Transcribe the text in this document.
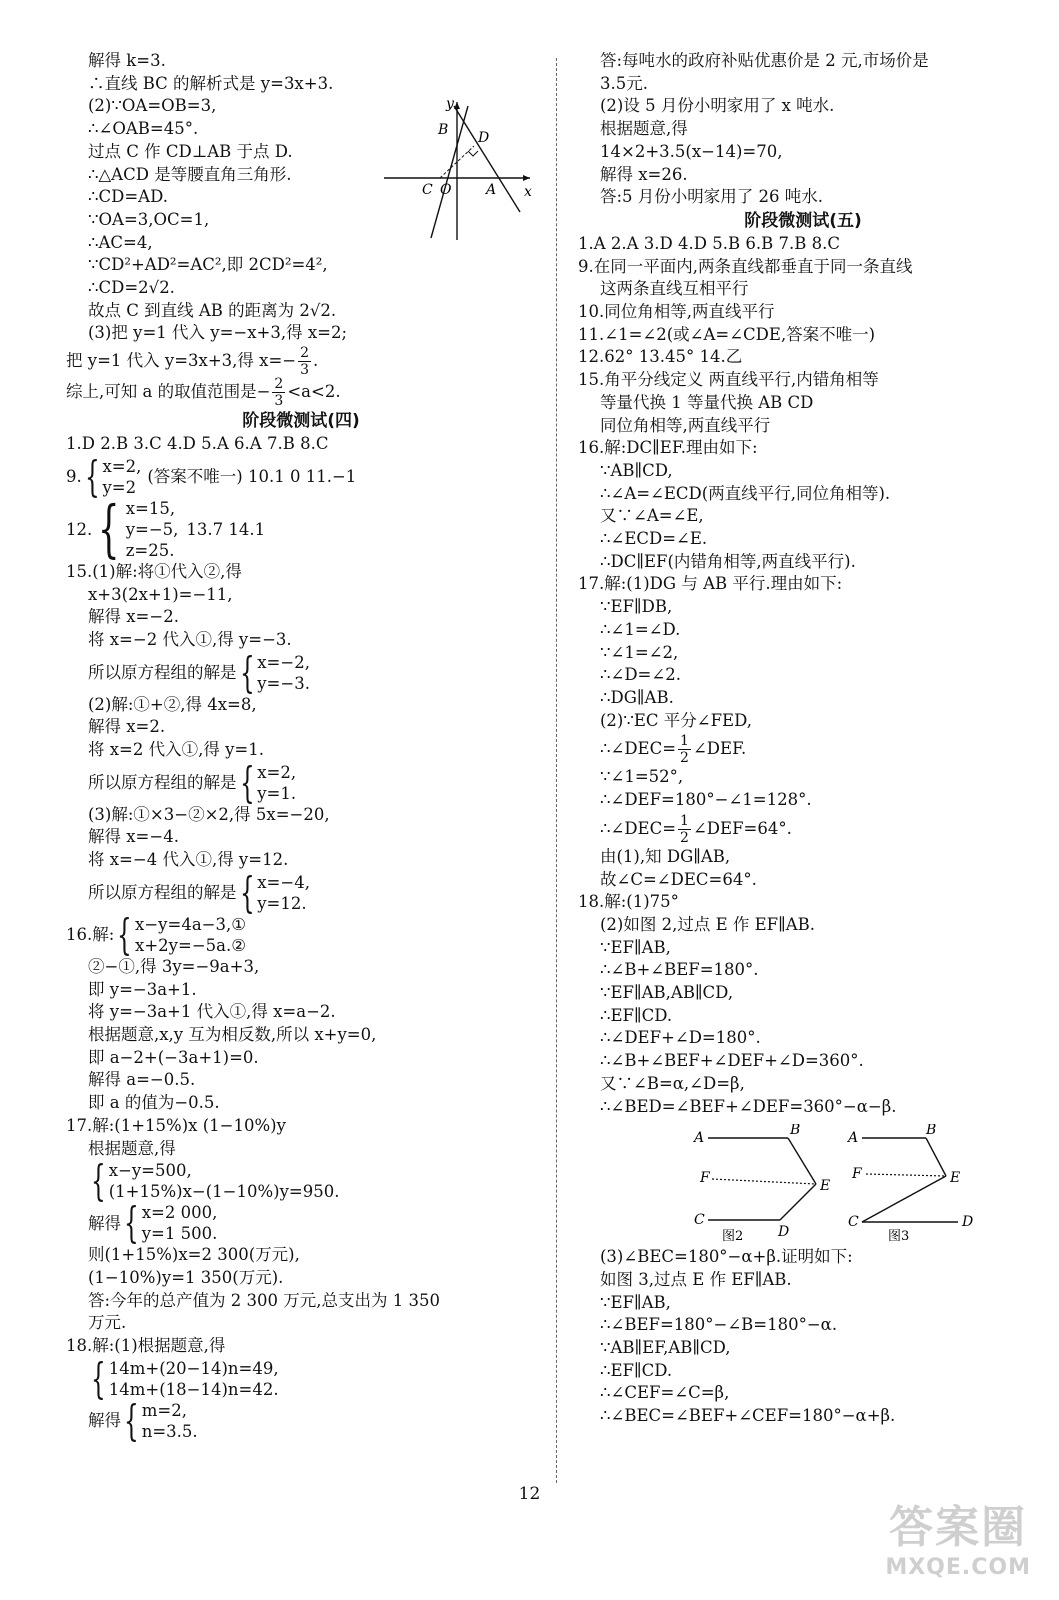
解得 k=3.
∴直线 BC 的解析式是 y=3x+3.
(2)∵OA=OB=3,
∴∠OAB=45°.
过点 C 作 CD⊥AB 于点 D.
∴△ACD 是等腰直角三角形.
∴CD=AD.
∵OA=3,OC=1,
∴AC=4,
∵CD²+AD²=AC²,即 2CD²=4²,
∴CD=2√2.
故点 C 到直线 AB 的距离为 2√2.
(3)把 y=1 代入 y=−x+3,得 x=2;
把 y=1 代入 y=3x+3,得 $x=- \frac{2}{3}$ .
综上,可知 a 的取值范围是− $\frac{2}{3} <a<2$.
阶段微测试(四)
1.D 2.B 3.C 4.D 5.A 6.A 7.B 8.C
9. { x=2,
y=2
(答案不唯一) 10.1 0 11.−1
12. { x=15,
y=−5,
z=25.
13.7 14.1
15.(1)解:将①代入②,得
x+3(2x+1)=−11,
解得 x=−2.
将 x=−2 代入①,得 y=−3.
所以原方程组的解是 { x=−2,
y=−3.
(2)解:①+②,得 4x=8,
解得 x=2.
将 x=2 代入①,得 y=1.
所以原方程组的解是 { x=2,
y=1.
(3)解:①×3−②×2,得 5x=−20,
解得 x=−4.
将 x=−4 代入①,得 y=12.
所以原方程组的解是 { x=−4,
y=12.
16.解: { x−y=4a−3,①
x+2y=−5a.②
②−①,得 3y=−9a+3,
即 y=−3a+1.
将 y=−3a+1 代入①,得 x=a−2.
根据题意,x,y 互为相反数,所以 x+y=0,
即 a−2+(−3a+1)=0.
解得 a=−0.5.
即 a 的值为−0.5.
17.解:(1+15%)x (1−10%)y
根据题意,得
{ x−y=500,
(1+15%)x−(1−10%)y=950.
解得 { x=2 000,
y=1 500.
则(1+15%)x=2 300(万元),
(1−10%)y=1 350(万元).
答:今年的总产值为 2 300 万元,总支出为 1 350
万元.
18.解:(1)根据题意,得
{ 14m+(20−14)n=49,
14m+(18−14)n=42.
解得 { m=2,
n=3.5.
y
x
B D
C O A
答:每吨水的政府补贴优惠价是 2 元,市场价是
3.5元.
(2)设 5 月份小明家用了 x 吨水.
根据题意,得
14×2+3.5(x−14)=70,
解得 x=26.
答:5 月份小明家用了 26 吨水.
阶段微测试(五)
1.A 2.A 3.D 4.D 5.B 6.B 7.B 8.C
9.在同一平面内,两条直线都垂直于同一条直线
这两条直线互相平行
10.同位角相等,两直线平行
11.∠1=∠2(或∠A=∠CDE,答案不唯一)
12.62° 13.45° 14.乙
15.角平分线定义 两直线平行,内错角相等
等量代换 1 等量代换 AB CD
同位角相等,两直线平行
16.解:DC∥EF.理由如下:
∵AB∥CD,
∴∠A=∠ECD(两直线平行,同位角相等).
又∵∠A=∠E,
∴∠ECD=∠E.
∴DC∥EF(内错角相等,两直线平行).
17.解:(1)DG 与 AB 平行.理由如下:
∵EF∥DB,
∴∠1=∠D.
∵∠1=∠2,
∴∠D=∠2.
∴DG∥AB.
(2)∵EC 平分∠FED,
∴∠DEC= $\frac{1}{2}$ ∠DEF.
∵∠1=52°,
∴∠DEF=180°−∠1=128°.
∴∠DEC= $\frac{1}{2}$ ∠DEF=64°.
由(1),知 DG∥AB,
故∠C=∠DEC=64°.
18.解:(1)75°
(2)如图 2,过点 E 作 EF∥AB.
∵EF∥AB,
∴∠B+∠BEF=180°.
∵EF∥AB,AB∥CD,
∴EF∥CD.
∴∠DEF+∠D=180°.
∴∠B+∠BEF+∠DEF+∠D=360°.
又∵∠B=α,∠D=β,
∴∠BED=∠BEF+∠DEF=360°−α−β.
A	B
F	E
C
D
图2
A	B
F	E
C	D
图3
(3)∠BEC=180°−α+β.证明如下:
如图 3,过点 E 作 EF∥AB.
∵EF∥AB,
∴∠BEF=180°−∠B=180°−α.
∵AB∥EF,AB∥CD,
∴EF∥CD.
∴∠CEF=∠C=β,
∴∠BEC=∠BEF+∠CEF=180°−α+β.
12
答案圈
MXQE.COM
